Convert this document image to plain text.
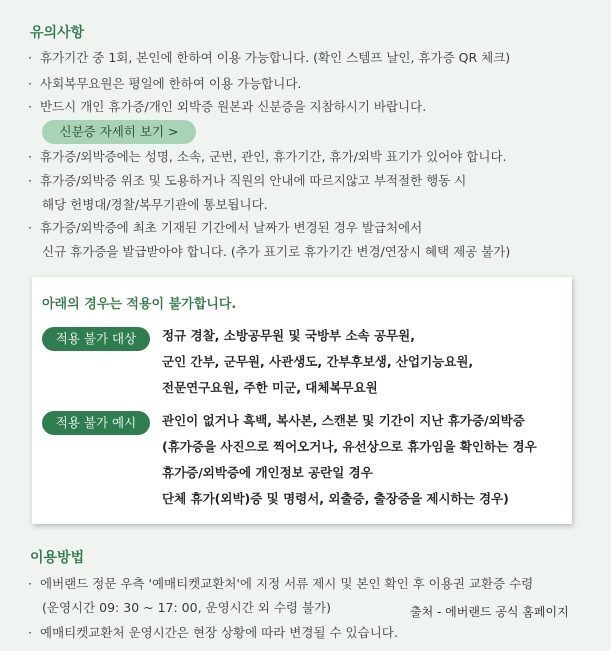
유의사항
· 휴가기간 중 1회, 본인에 한하여 이용 가능합니다. (확인 스템프 날인, 휴가증 QR 체크)
· 사회복무요원은 평일에 한하여 이용 가능합니다.
· 반드시 개인 휴가증/개인 외박증 원본과 신분증을 지참하시기 바랍니다.
신분증 자세히 보기 >
· 휴가증/외박증에는 성명, 소속, 군번, 관인, 휴가기간, 휴가/외박 표기가 있어야 합니다.
· 휴가증/외박증 위조 및 도용하거나 직원의 안내에 따르지않고 부적절한 행동 시
해당 헌병대/경찰/복무기관에 통보됩니다.
· 휴가증/외박증에 최초 기재된 기간에서 날짜가 변경된 경우 발급처에서
신규 휴가증을 발급받아야 합니다. (추가 표기로 휴가기간 변경/연장시 혜택 제공 불가)
아래의 경우는 적용이 불가합니다.
적용 불가 대상	정규 경찰, 소방공무원 및 국방부 소속 공무원,
군인 간부, 군무원, 사관생도, 간부후보생, 산업기능요원,
전문연구요원, 주한 미군, 대체복무요원
적용 불가 예시	관인이 없거나 흑백, 복사본, 스캔본 및 기간이 지난 휴가증/외박증
(휴가증을 사진으로 찍어오거나, 유선상으로 휴가임을 확인하는 경우
휴가증/외박증에 개인정보 공란일 경우
단체 휴가(외박)증 및 명령서, 외출증, 출장증을 제시하는 경우)
이용방법
· 에버랜드 정문 우측 '예매티켓교환처'에 지정 서류 제시 및 본인 확인 후 이용권 교환증 수령
(운영시간 09: 30 ~ 17: 00, 운영시간 외 수령 불가)
· 예매티켓교환처 운영시간은 현장 상황에 따라 변경될 수 있습니다.
출처 - 에버랜드 공식 홈페이지
